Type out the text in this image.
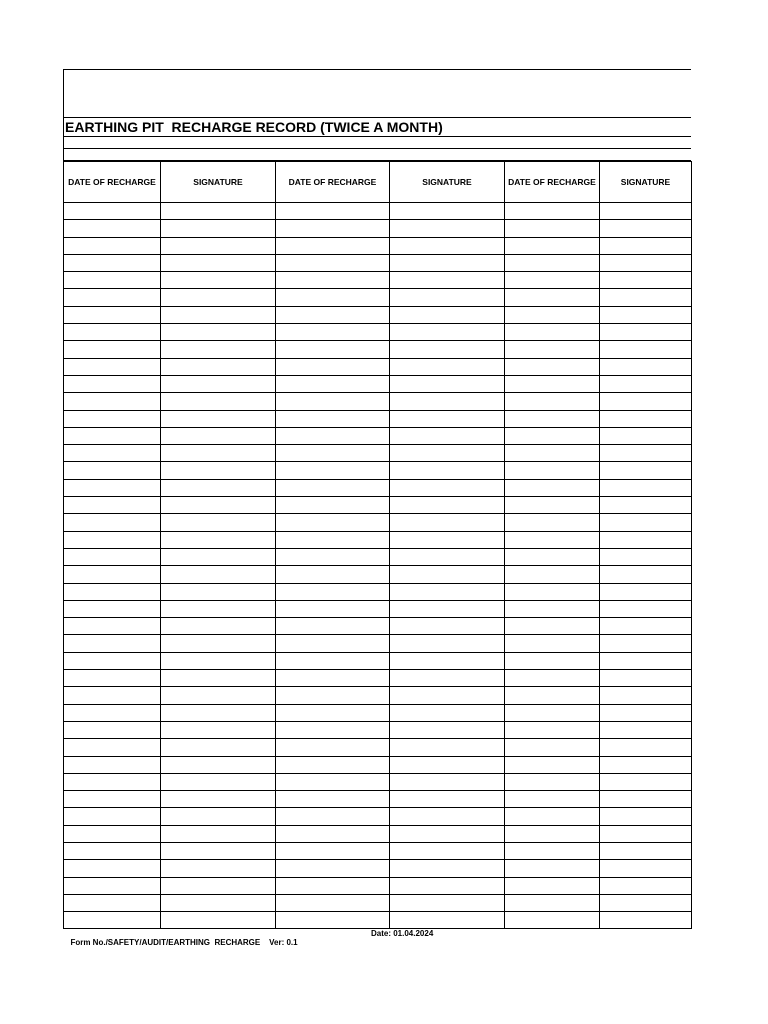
EARTHING PIT  RECHARGE RECORD (TWICE A MONTH)
DATE OF RECHARGE	SIGNATURE	DATE OF RECHARGE	SIGNATURE	DATE OF RECHARGE	SIGNATURE

Form No./SAFETY/AUDIT/EARTHING  RECHARGE    Ver: 0.1

Date: 01.04.2024
